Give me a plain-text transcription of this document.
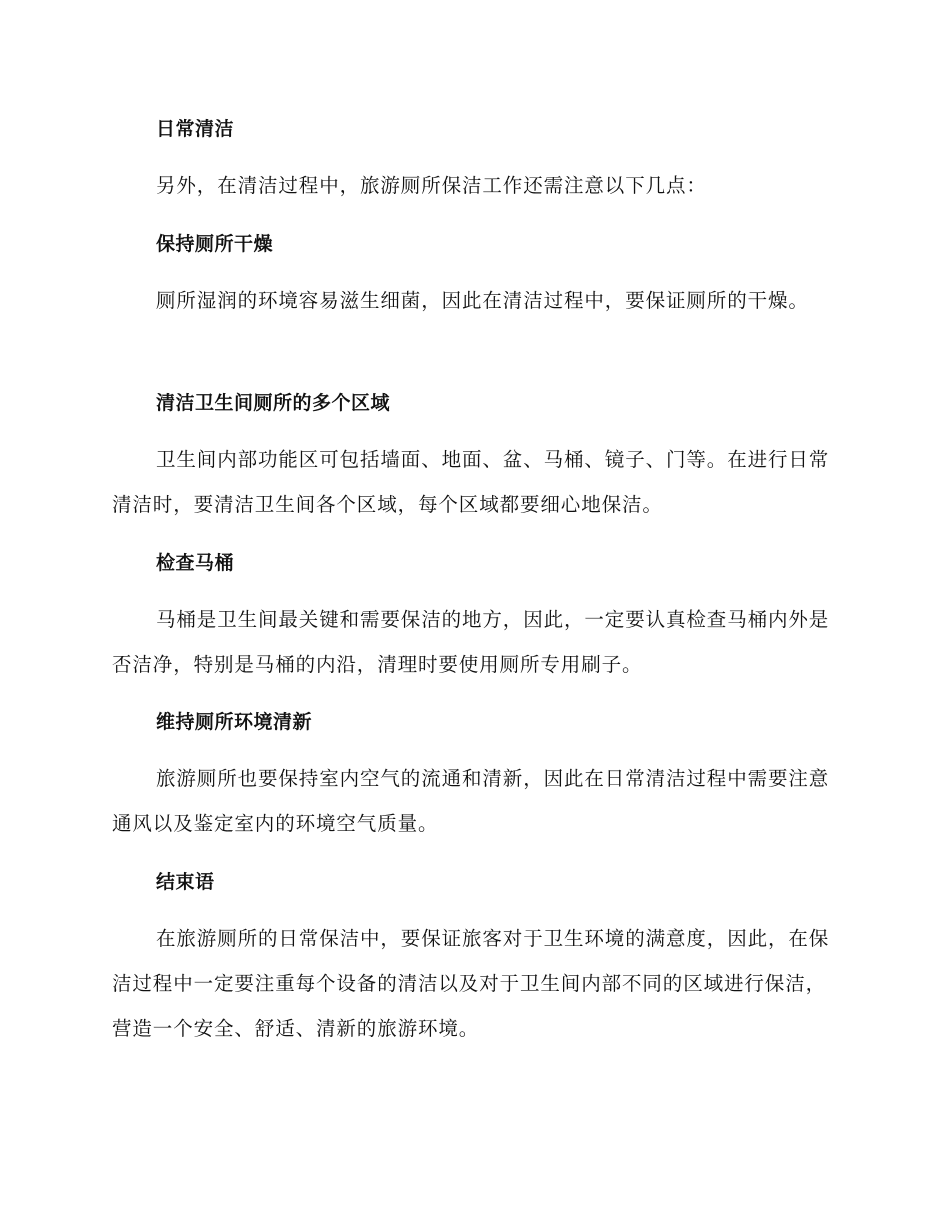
日常清洁

另外，在清洁过程中，旅游厕所保洁工作还需注意以下几点：

保持厕所干燥

厕所湿润的环境容易滋生细菌，因此在清洁过程中，要保证厕所的干燥。

清洁卫生间厕所的多个区域

卫生间内部功能区可包括墙面、地面、盆、马桶、镜子、门等。在进行日常清洁时，要清洁卫生间各个区域，每个区域都要细心地保洁。

检查马桶

马桶是卫生间最关键和需要保洁的地方，因此，一定要认真检查马桶内外是否洁净，特别是马桶的内沿，清理时要使用厕所专用刷子。

维持厕所环境清新

旅游厕所也要保持室内空气的流通和清新，因此在日常清洁过程中需要注意通风以及鉴定室内的环境空气质量。

结束语

在旅游厕所的日常保洁中，要保证旅客对于卫生环境的满意度，因此，在保洁过程中一定要注重每个设备的清洁以及对于卫生间内部不同的区域进行保洁，营造一个安全、舒适、清新的旅游环境。
